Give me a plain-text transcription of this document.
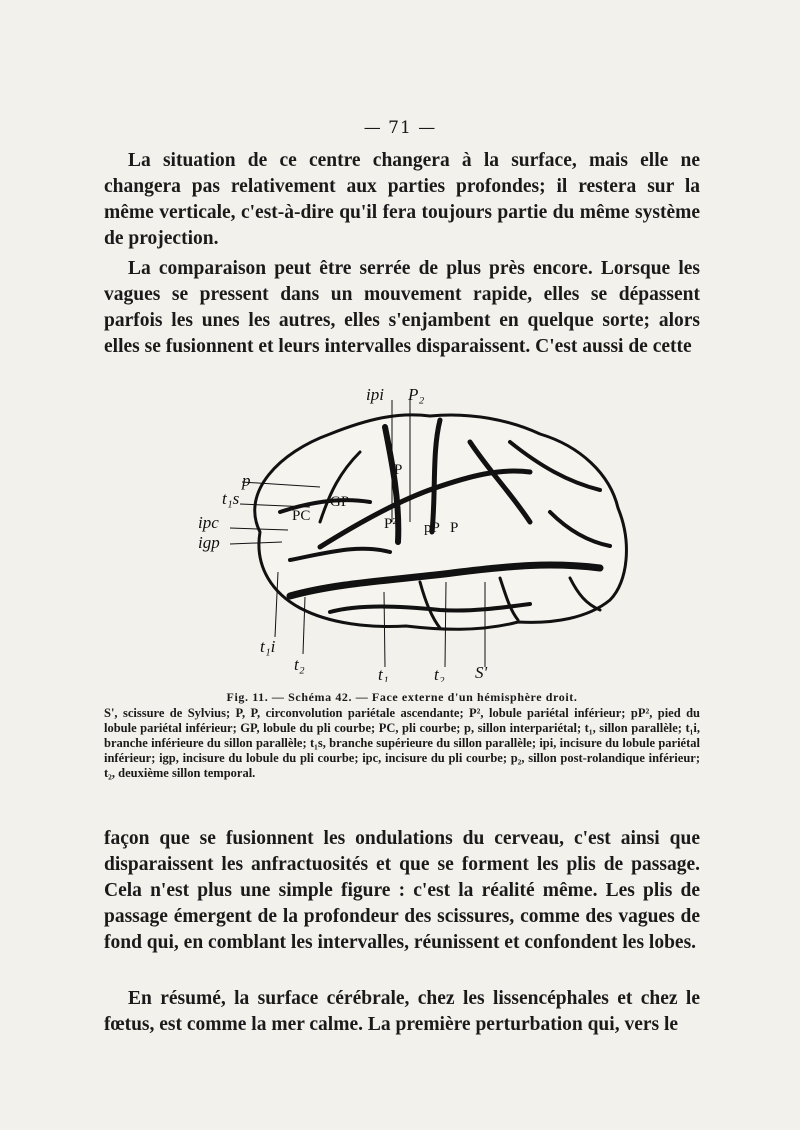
— 71 —

La situation de ce centre changera à la surface, mais elle ne changera pas relativement aux parties profondes; il restera sur la même verticale, c'est-à-dire qu'il fera toujours partie du même système de projection.

La comparaison peut être serrée de plus près encore. Lorsque les vagues se pressent dans un mouvement rapide, elles se dépassent parfois les unes les autres, elles s'enjambent en quelque sorte; alors elles se fusionnent et leurs intervalles disparaissent. C'est aussi de cette

ipi P₂
P
p
t₁s
ipc
igp
PC
GP
P² pP P
t₁i
t₂
t₁	t₂ S'
Fig. 11. — Schéma 42. — Face externe d'un hémisphère droit.

S', scissure de Sylvius; P, P, circonvolution pariétale ascendante; P², lobule pariétal inférieur; pP², pied du lobule pariétal inférieur; GP, lobule du pli courbe; PC, pli courbe; p, sillon interpariétal; t₁, sillon parallèle; t₁i, branche inférieure du sillon parallèle; t₁s, branche supérieure du sillon parallèle; ipi, incisure du lobule pariétal inférieur; igp, incisure du lobule du pli courbe; ipc, incisure du pli courbe; p₂, sillon post-rolandique inférieur; t₂, deuxième sillon temporal.

façon que se fusionnent les ondulations du cerveau, c'est ainsi que disparaissent les anfractuosités et que se forment les plis de passage. Cela n'est plus une simple figure : c'est la réalité même. Les plis de passage émergent de la profondeur des scissures, comme des vagues de fond qui, en comblant les intervalles, réunissent et confondent les lobes.

En résumé, la surface cérébrale, chez les lissencéphales et chez le fœtus, est comme la mer calme. La première perturbation qui, vers le
